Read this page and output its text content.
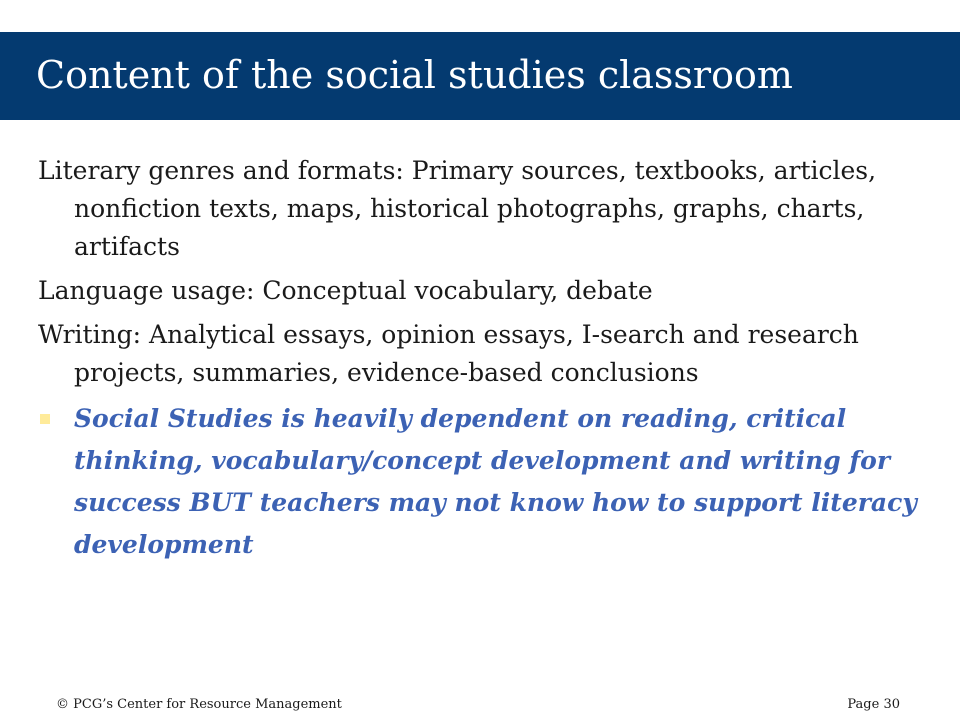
Content of the social studies classroom

Literary genres and formats: Primary sources, textbooks, articles, nonfiction texts, maps, historical photographs, graphs, charts, artifacts

Language usage: Conceptual vocabulary, debate

Writing: Analytical essays, opinion essays, I-search and research projects, summaries, evidence-based conclusions

Social Studies is heavily dependent on reading, critical thinking, vocabulary/concept development and writing for success BUT teachers may not know how to support literacy development
© PCG’s Center for Resource Management	Page 30
